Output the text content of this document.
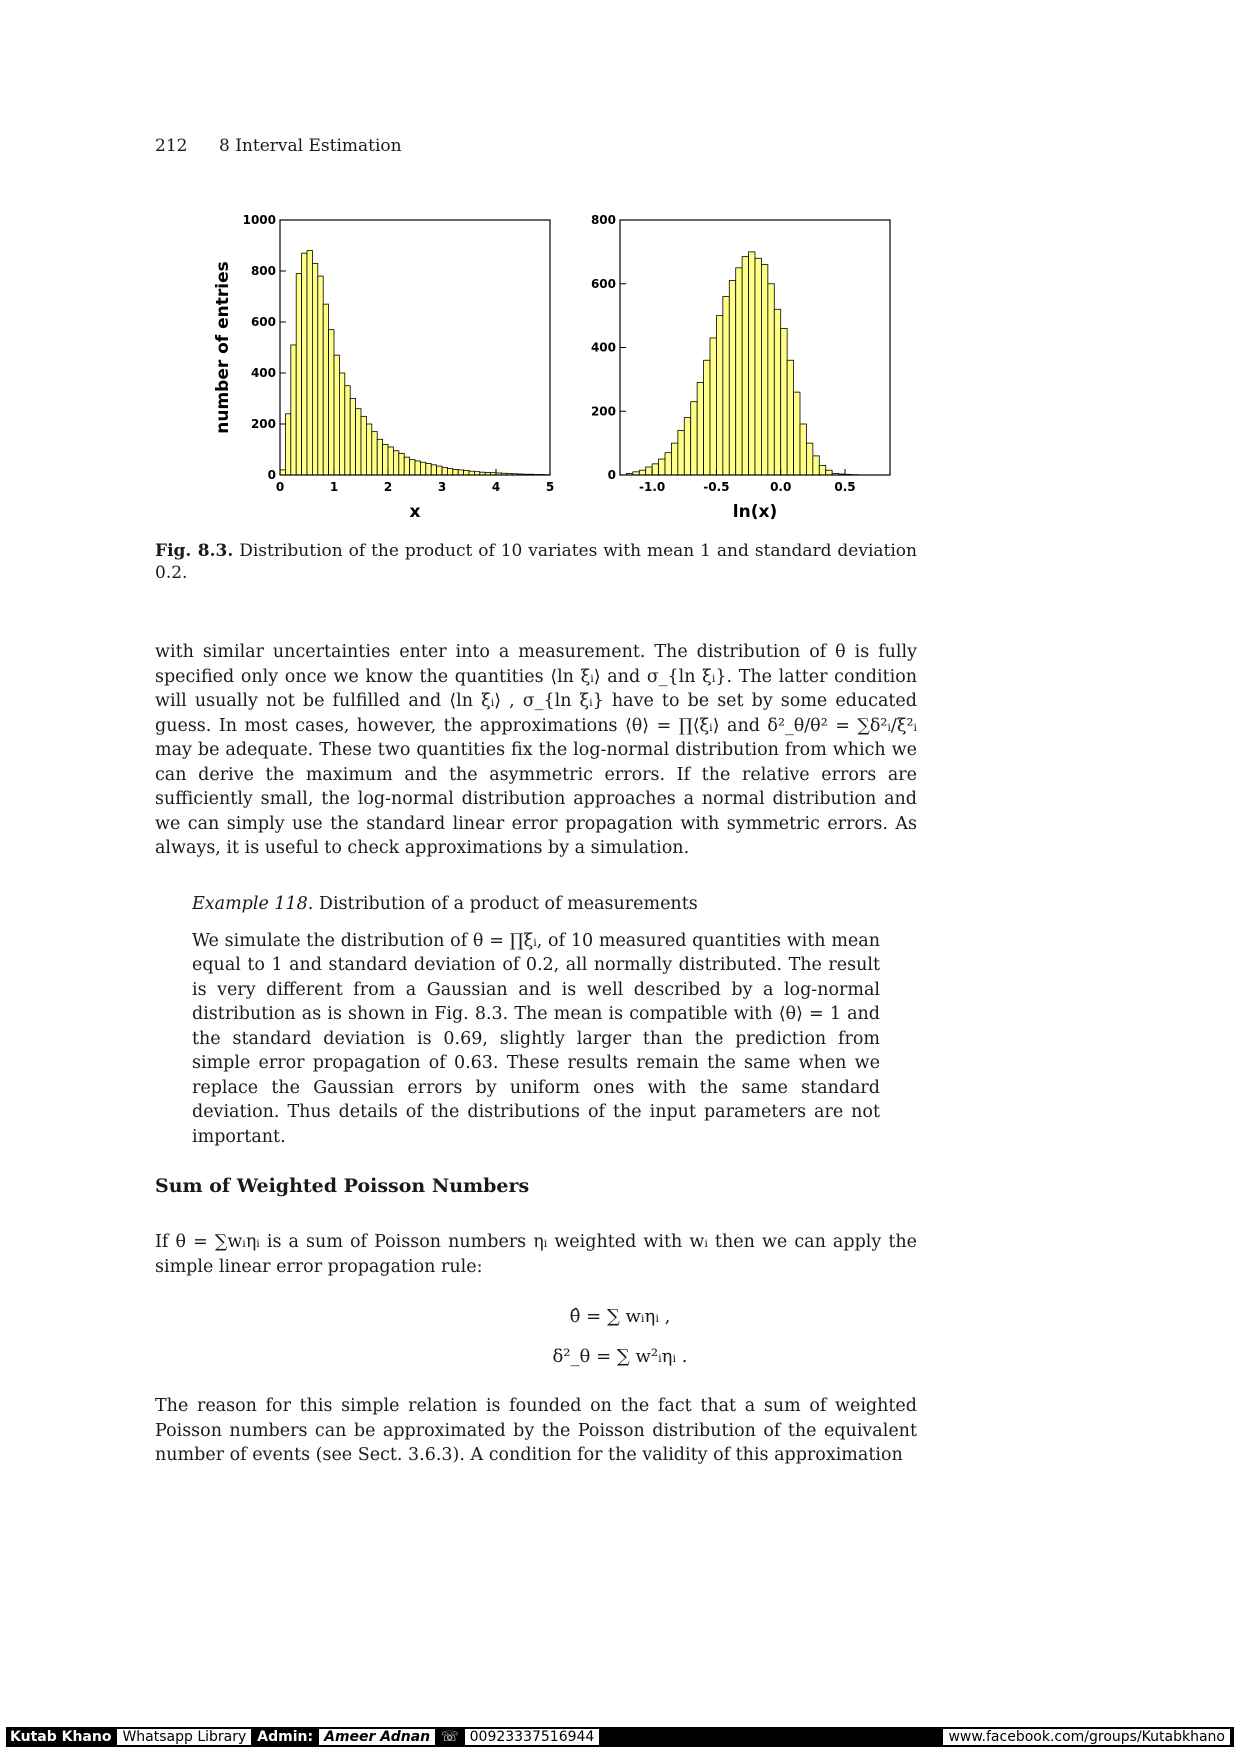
212 8 Interval Estimation
0	1	2	3	4	5
0
200
400
600
800
1000
x
number of entries
-1.0	-0.5	0.0	0.5
0
200
400
600
800
ln(x)
Fig. 8.3. Distribution of the product of 10 variates with mean 1 and standard deviation 0.2.
with similar uncertainties enter into a measurement. The distribution of θ is fully specified only once we know the quantities ⟨ln ξᵢ⟩ and σ_{ln ξᵢ}. The latter condition will usually not be fulfilled and ⟨ln ξᵢ⟩ , σ_{ln ξᵢ} have to be set by some educated guess. In most cases, however, the approximations ⟨θ⟩ = ∏⟨ξᵢ⟩ and δ²_θ/θ² = ∑δ²ᵢ/ξ²ᵢ may be adequate. These two quantities fix the log-normal distribution from which we can derive the maximum and the asymmetric errors. If the relative errors are sufficiently small, the log-normal distribution approaches a normal distribution and we can simply use the standard linear error propagation with symmetric errors. As always, it is useful to check approximations by a simulation.
Example 118. Distribution of a product of measurements
We simulate the distribution of θ = ∏ξᵢ, of 10 measured quantities with mean equal to 1 and standard deviation of 0.2, all normally distributed. The result is very different from a Gaussian and is well described by a log-normal distribution as is shown in Fig. 8.3. The mean is compatible with ⟨θ⟩ = 1 and the standard deviation is 0.69, slightly larger than the prediction from simple error propagation of 0.63. These results remain the same when we replace the Gaussian errors by uniform ones with the same standard deviation. Thus details of the distributions of the input parameters are not important.
Sum of Weighted Poisson Numbers
If θ = ∑wᵢηᵢ is a sum of Poisson numbers ηᵢ weighted with wᵢ then we can apply the simple linear error propagation rule:
θ̂ = ∑ wᵢηᵢ ,
δ²_θ = ∑ w²ᵢηᵢ .
The reason for this simple relation is founded on the fact that a sum of weighted Poisson numbers can be approximated by the Poisson distribution of the equivalent number of events (see Sect. 3.6.3). A condition for the validity of this approximation
Kutab Khano Whatsapp Library Admin: Ameer Adnan ☏ 00923337516944	www.facebook.com/groups/Kutabkhano
